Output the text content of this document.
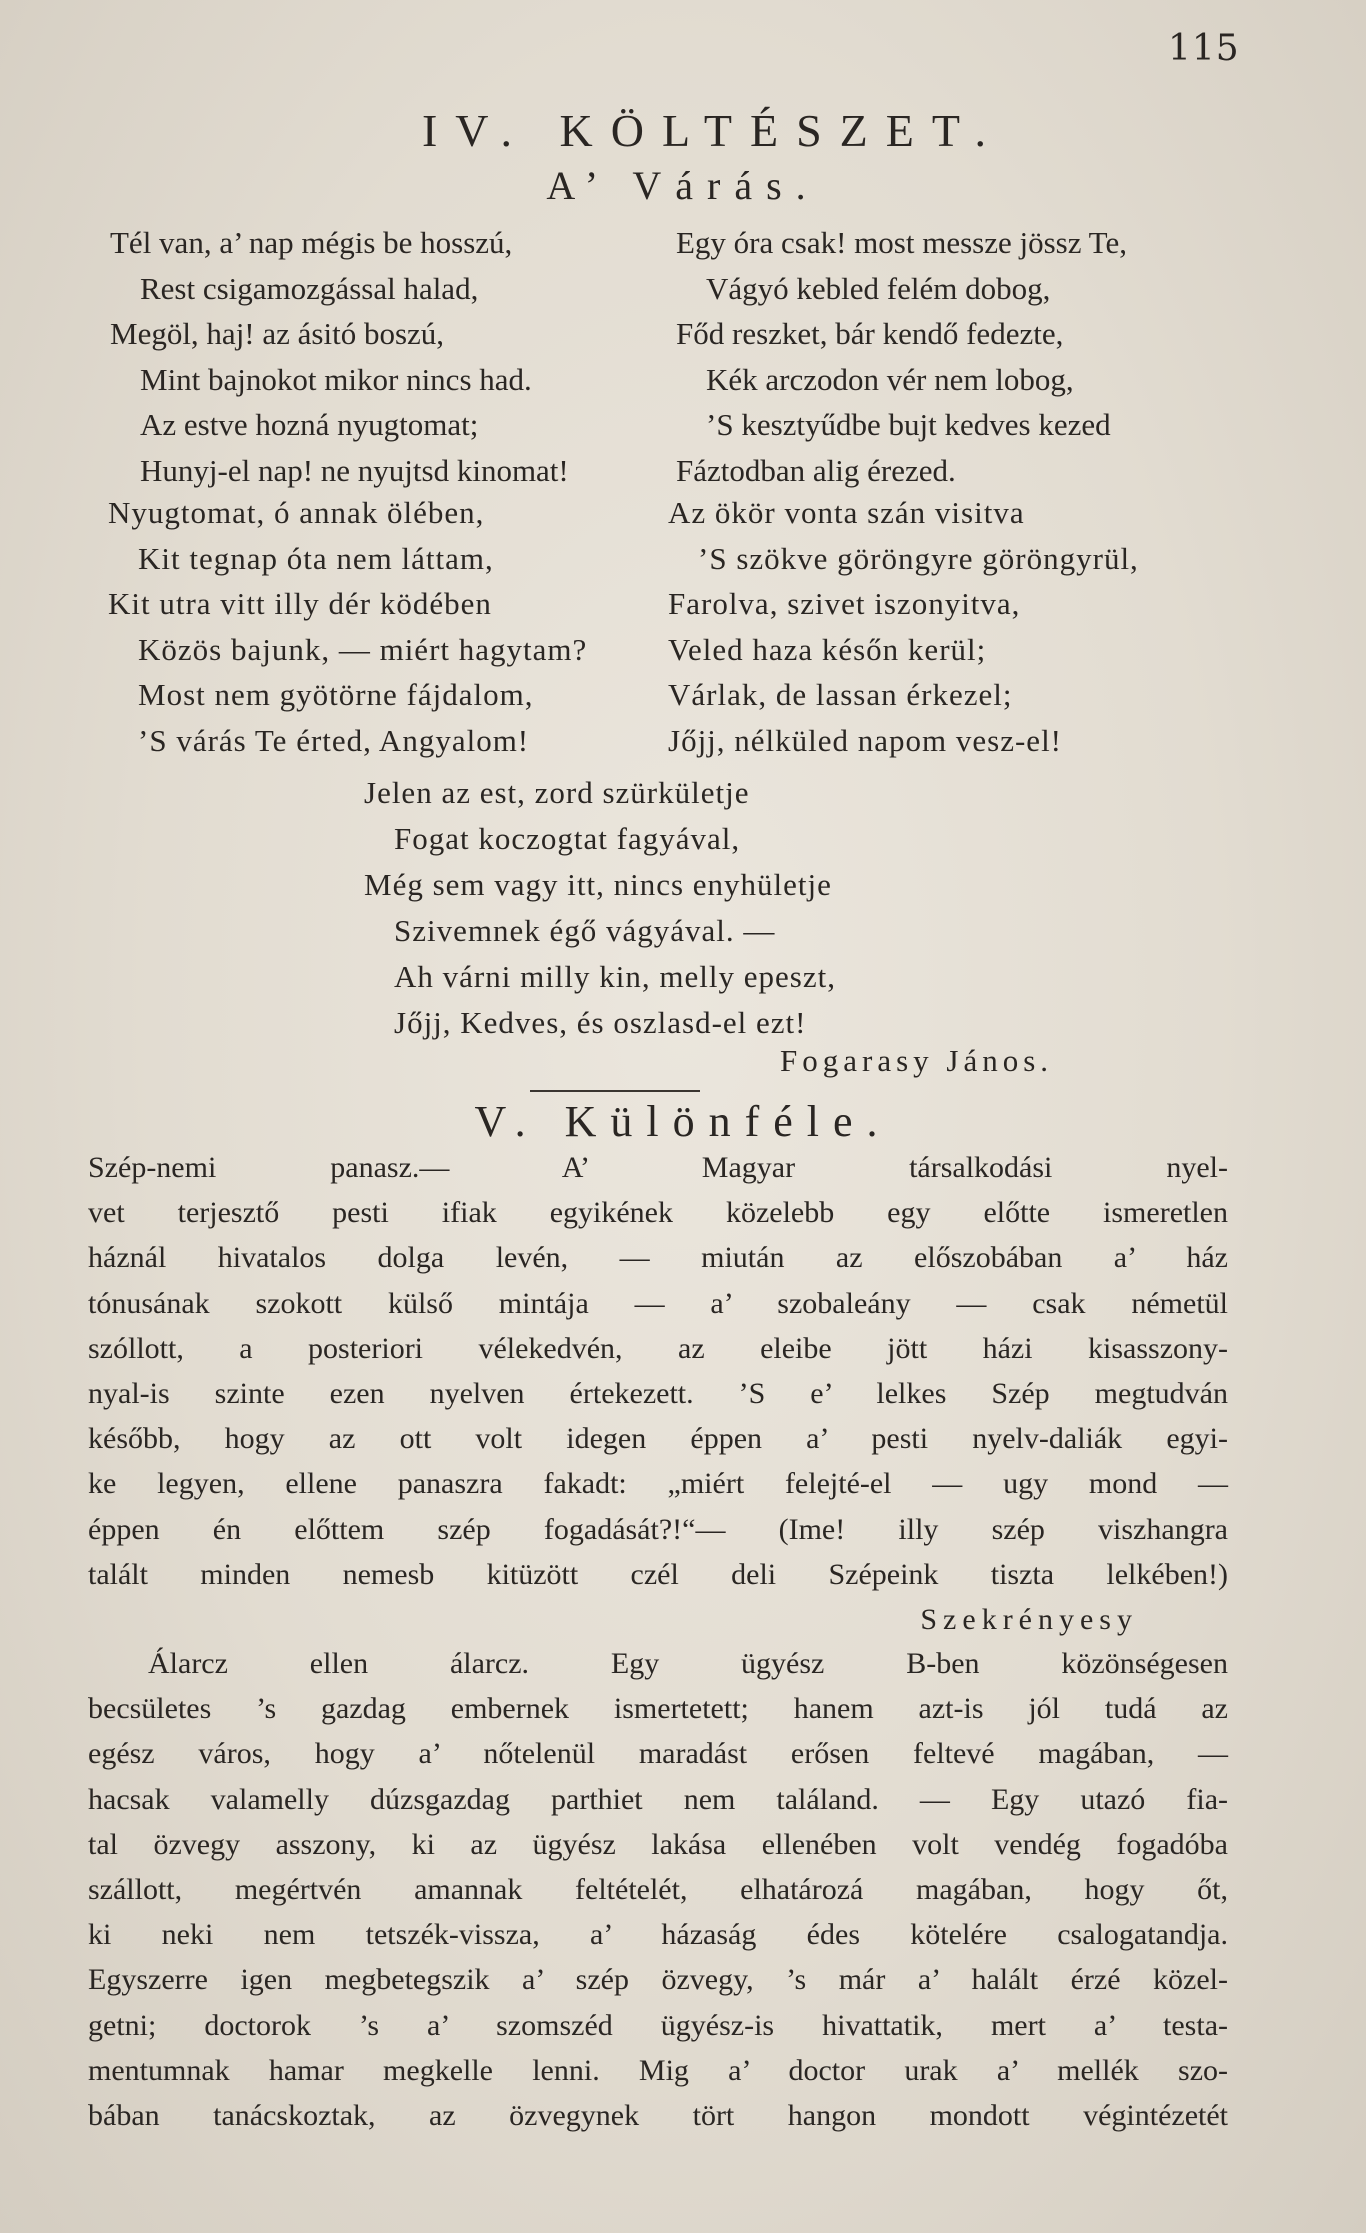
115
IV. KÖLTÉSZET.
A’ Várás.
Tél van, a’ nap mégis be hosszú,
Rest csigamozgással halad,
Megöl, haj! az ásitó boszú,
Mint bajnokot mikor nincs had.
Az estve hozná nyugtomat;
Hunyj-el nap! ne nyujtsd kinomat!
Egy óra csak! most messze jössz Te,
Vágyó kebled felém dobog,
Főd reszket, bár kendő fedezte,
Kék arczodon vér nem lobog,
’S kesztyűdbe bujt kedves kezed
Fáztodban alig érezed.
Nyugtomat, ó annak ölében,
Kit tegnap óta nem láttam,
Kit utra vitt illy dér ködében
Közös bajunk, — miért hagytam?
Most nem gyötörne fájdalom,
’S várás Te érted, Angyalom!
Az ökör vonta szán visitva
’S szökve göröngyre göröngyrül,
Farolva, szivet iszonyitva,
Veled haza későn kerül;
Várlak, de lassan érkezel;
Jőjj, nélküled napom vesz-el!
Jelen az est, zord szürkületje
Fogat koczogtat fagyával,
Még sem vagy itt, nincs enyhületje
Szivemnek égő vágyával. —
Ah várni milly kin, melly epeszt,
Jőjj, Kedves, és oszlasd-el ezt!
Fogarasy János.
V. Különféle.
Szép-nemi panasz.— A’ Magyar társalkodási nyel-
vet terjesztő pesti ifiak egyikének közelebb egy előtte ismeretlen
háznál hivatalos dolga levén, — miután az előszobában a’ ház
tónusának szokott külső mintája — a’ szobaleány — csak németül
szóllott, a posteriori vélekedvén, az eleibe jött házi kisasszony-
nyal-is szinte ezen nyelven értekezett. ’S e’ lelkes Szép megtudván
később, hogy az ott volt idegen éppen a’ pesti nyelv-daliák egyi-
ke legyen, ellene panaszra fakadt: „miért felejté-el — ugy mond —
éppen én előttem szép fogadását?!“— (Ime! illy szép viszhangra
talált minden nemesb kitüzött czél deli Szépeink tiszta lelkében!)
Szekrényesy
Álarcz ellen álarcz. Egy ügyész B-ben közönségesen
becsületes ’s gazdag embernek ismertetett; hanem azt-is jól tudá az
egész város, hogy a’ nőtelenül maradást erősen feltevé magában, —
hacsak valamelly dúzsgazdag parthiet nem találand. — Egy utazó fia-
tal özvegy asszony, ki az ügyész lakása ellenében volt vendég fogadóba
szállott, megértvén amannak feltételét, elhatározá magában, hogy őt,
ki neki nem tetszék-vissza, a’ házaság édes kötelére csalogatandja.
Egyszerre igen megbetegszik a’ szép özvegy, ’s már a’ halált érzé közel-
getni; doctorok ’s a’ szomszéd ügyész-is hivattatik, mert a’ testa-
mentumnak hamar megkelle lenni. Mig a’ doctor urak a’ mellék szo-
bában tanácskoztak, az özvegynek tört hangon mondott végintézetét
